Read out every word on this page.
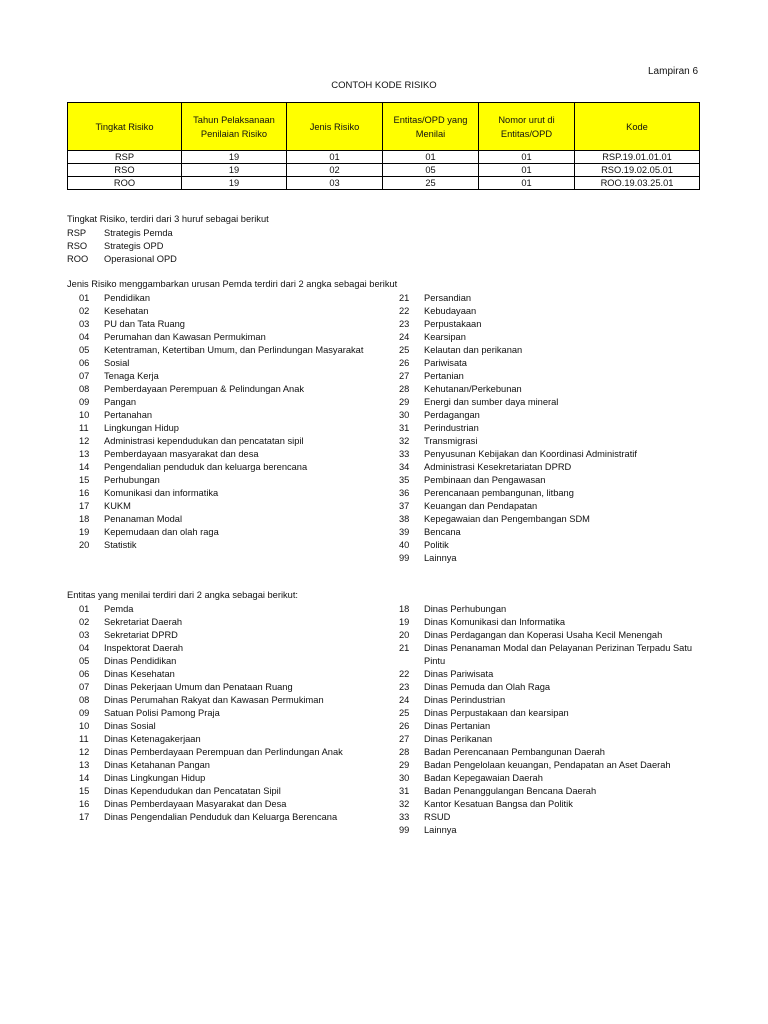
Lampiran 6
CONTOH KODE RISIKO
Tingkat Risiko	Tahun Pelaksanaan Penilaian Risiko	Jenis Risiko	Entitas/OPD yang Menilai	Nomor urut di Entitas/OPD	Kode
RSP	19	01	01	01	RSP.19.01.01.01
RSO	19	02	05	01	RSO.19.02.05.01
ROO	19	03	25	01	ROO.19.03.25.01
Tingkat Risiko, terdiri dari 3 huruf sebagai berikut
RSP	Strategis Pemda
RSO	Strategis OPD
ROO	Operasional OPD
Jenis Risiko menggambarkan urusan Pemda terdiri dari 2 angka sebagai berikut
01	Pendidikan
02	Kesehatan
03	PU dan Tata Ruang
04	Perumahan dan Kawasan Permukiman
05	Ketentraman, Ketertiban Umum, dan Perlindungan Masyarakat
06	Sosial
07	Tenaga Kerja
08	Pemberdayaan Perempuan & Pelindungan Anak
09	Pangan
10	Pertanahan
11	Lingkungan Hidup
12	Administrasi kependudukan dan pencatatan sipil
13	Pemberdayaan masyarakat dan desa
14	Pengendalian penduduk dan keluarga berencana
15	Perhubungan
16	Komunikasi dan informatika
17	KUKM
18	Penanaman Modal
19	Kepemudaan dan olah raga
20	Statistik
21	Persandian
22	Kebudayaan
23	Perpustakaan
24	Kearsipan
25	Kelautan dan perikanan
26	Pariwisata
27	Pertanian
28	Kehutanan/Perkebunan
29	Energi dan sumber daya mineral
30	Perdagangan
31	Perindustrian
32	Transmigrasi
33	Penyusunan Kebijakan dan Koordinasi Administratif
34	Administrasi Kesekretariatan DPRD
35	Pembinaan dan Pengawasan
36	Perencanaan pembangunan, litbang
37	Keuangan dan Pendapatan
38	Kepegawaian dan Pengembangan SDM
39	Bencana
40	Politik
99	Lainnya
Entitas yang menilai terdiri dari 2 angka sebagai berikut:
01	Pemda
02	Sekretariat Daerah
03	Sekretariat DPRD
04	Inspektorat Daerah
05	Dinas Pendidikan
06	Dinas Kesehatan
07	Dinas Pekerjaan Umum dan Penataan Ruang
08	Dinas Perumahan Rakyat dan Kawasan Permukiman
09	Satuan Polisi Pamong Praja
10	Dinas Sosial
11	Dinas Ketenagakerjaan
12	Dinas Pemberdayaan Perempuan dan Perlindungan Anak
13	Dinas Ketahanan Pangan
14	Dinas Lingkungan Hidup
15	Dinas Kependudukan dan Pencatatan Sipil
16	Dinas Pemberdayaan Masyarakat dan Desa
17	Dinas Pengendalian Penduduk dan Keluarga Berencana
18	Dinas Perhubungan
19	Dinas Komunikasi dan Informatika
20	Dinas Perdagangan dan Koperasi Usaha Kecil Menengah
21	Dinas Penanaman Modal dan Pelayanan Perizinan Terpadu Satu Pintu
22	Dinas Pariwisata
23	Dinas Pemuda dan Olah Raga
24	Dinas Perindustrian
25	Dinas Perpustakaan dan kearsipan
26	Dinas Pertanian
27	Dinas Perikanan
28	Badan Perencanaan Pembangunan Daerah
29	Badan Pengelolaan keuangan, Pendapatan an Aset Daerah
30	Badan Kepegawaian Daerah
31	Badan Penanggulangan Bencana Daerah
32	Kantor Kesatuan Bangsa dan Politik
33	RSUD
99	Lainnya
